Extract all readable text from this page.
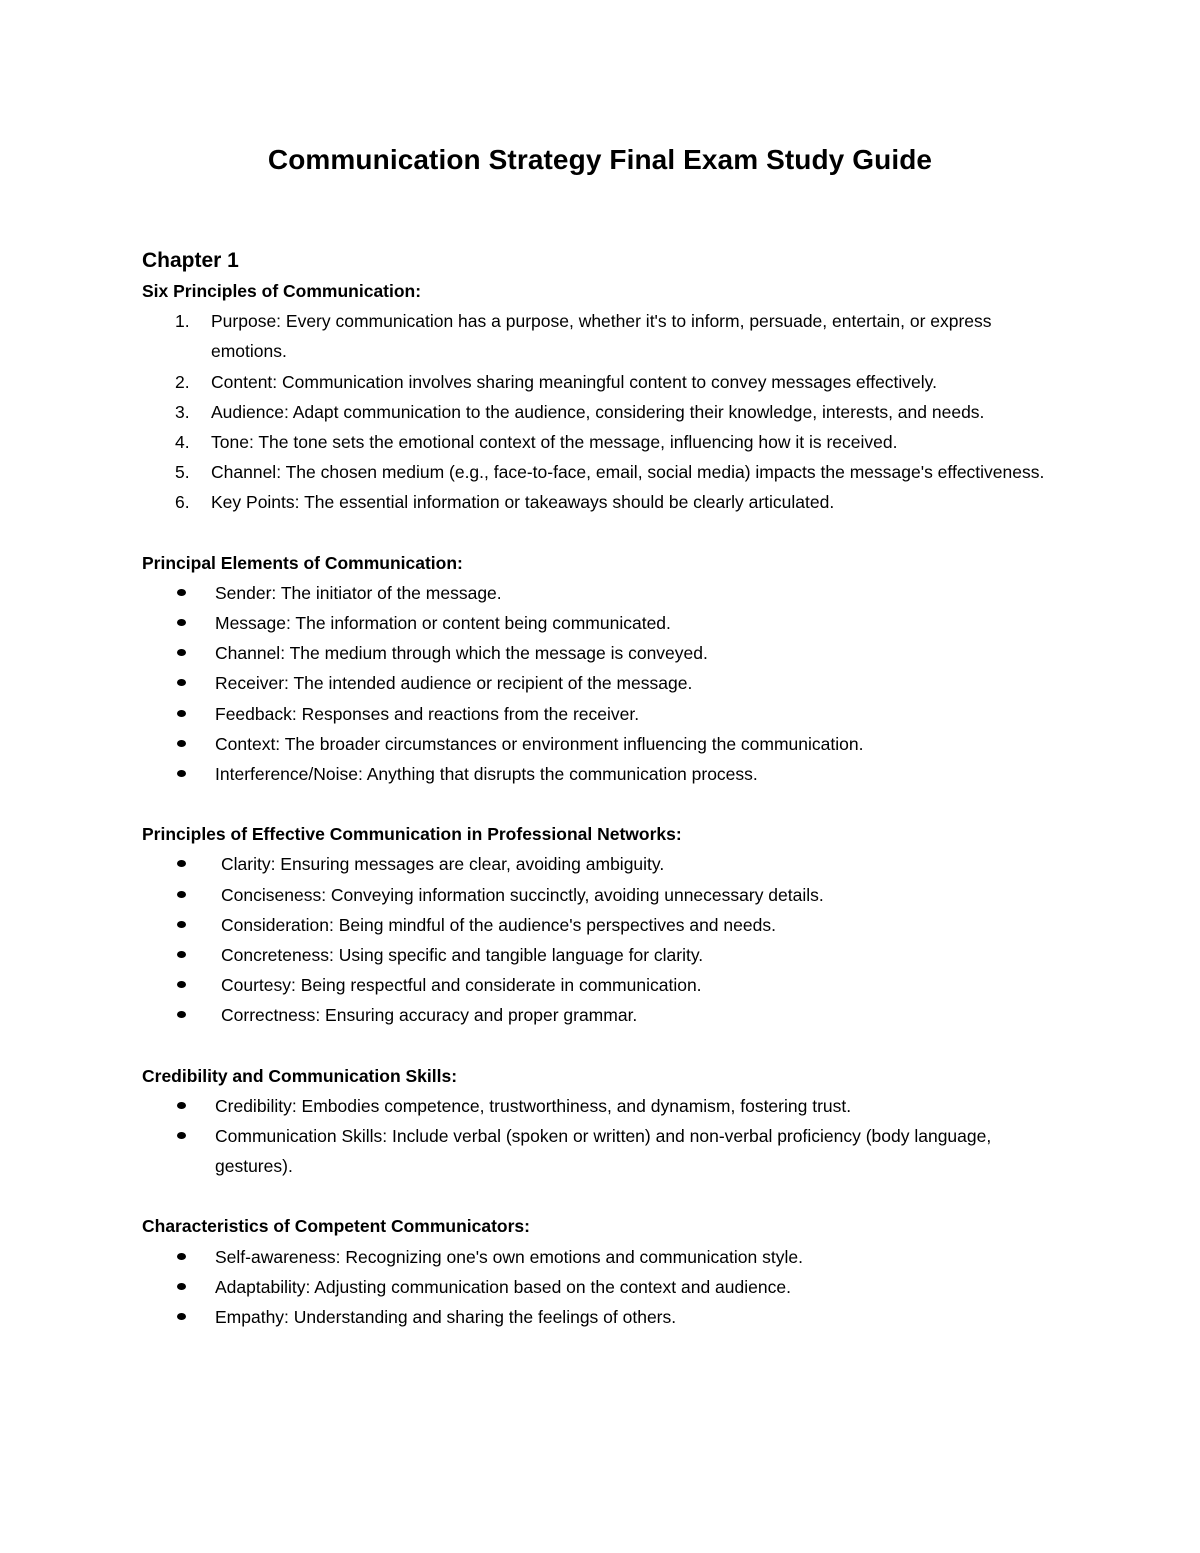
Communication Strategy Final Exam Study Guide
Chapter 1
Six Principles of Communication:
1. Purpose: Every communication has a purpose, whether it's to inform, persuade, entertain, or express emotions.
2. Content: Communication involves sharing meaningful content to convey messages effectively.
3. Audience: Adapt communication to the audience, considering their knowledge, interests, and needs.
4. Tone: The tone sets the emotional context of the message, influencing how it is received.
5. Channel: The chosen medium (e.g., face-to-face, email, social media) impacts the message's effectiveness.
6. Key Points: The essential information or takeaways should be clearly articulated.
Principal Elements of Communication:
Sender: The initiator of the message.
Message: The information or content being communicated.
Channel: The medium through which the message is conveyed.
Receiver: The intended audience or recipient of the message.
Feedback: Responses and reactions from the receiver.
Context: The broader circumstances or environment influencing the communication.
Interference/Noise: Anything that disrupts the communication process.
Principles of Effective Communication in Professional Networks:
Clarity: Ensuring messages are clear, avoiding ambiguity.
Conciseness: Conveying information succinctly, avoiding unnecessary details.
Consideration: Being mindful of the audience's perspectives and needs.
Concreteness: Using specific and tangible language for clarity.
Courtesy: Being respectful and considerate in communication.
Correctness: Ensuring accuracy and proper grammar.
Credibility and Communication Skills:
Credibility: Embodies competence, trustworthiness, and dynamism, fostering trust.
Communication Skills: Include verbal (spoken or written) and non-verbal proficiency (body language, gestures).
Characteristics of Competent Communicators:
Self-awareness: Recognizing one's own emotions and communication style.
Adaptability: Adjusting communication based on the context and audience.
Empathy: Understanding and sharing the feelings of others.
